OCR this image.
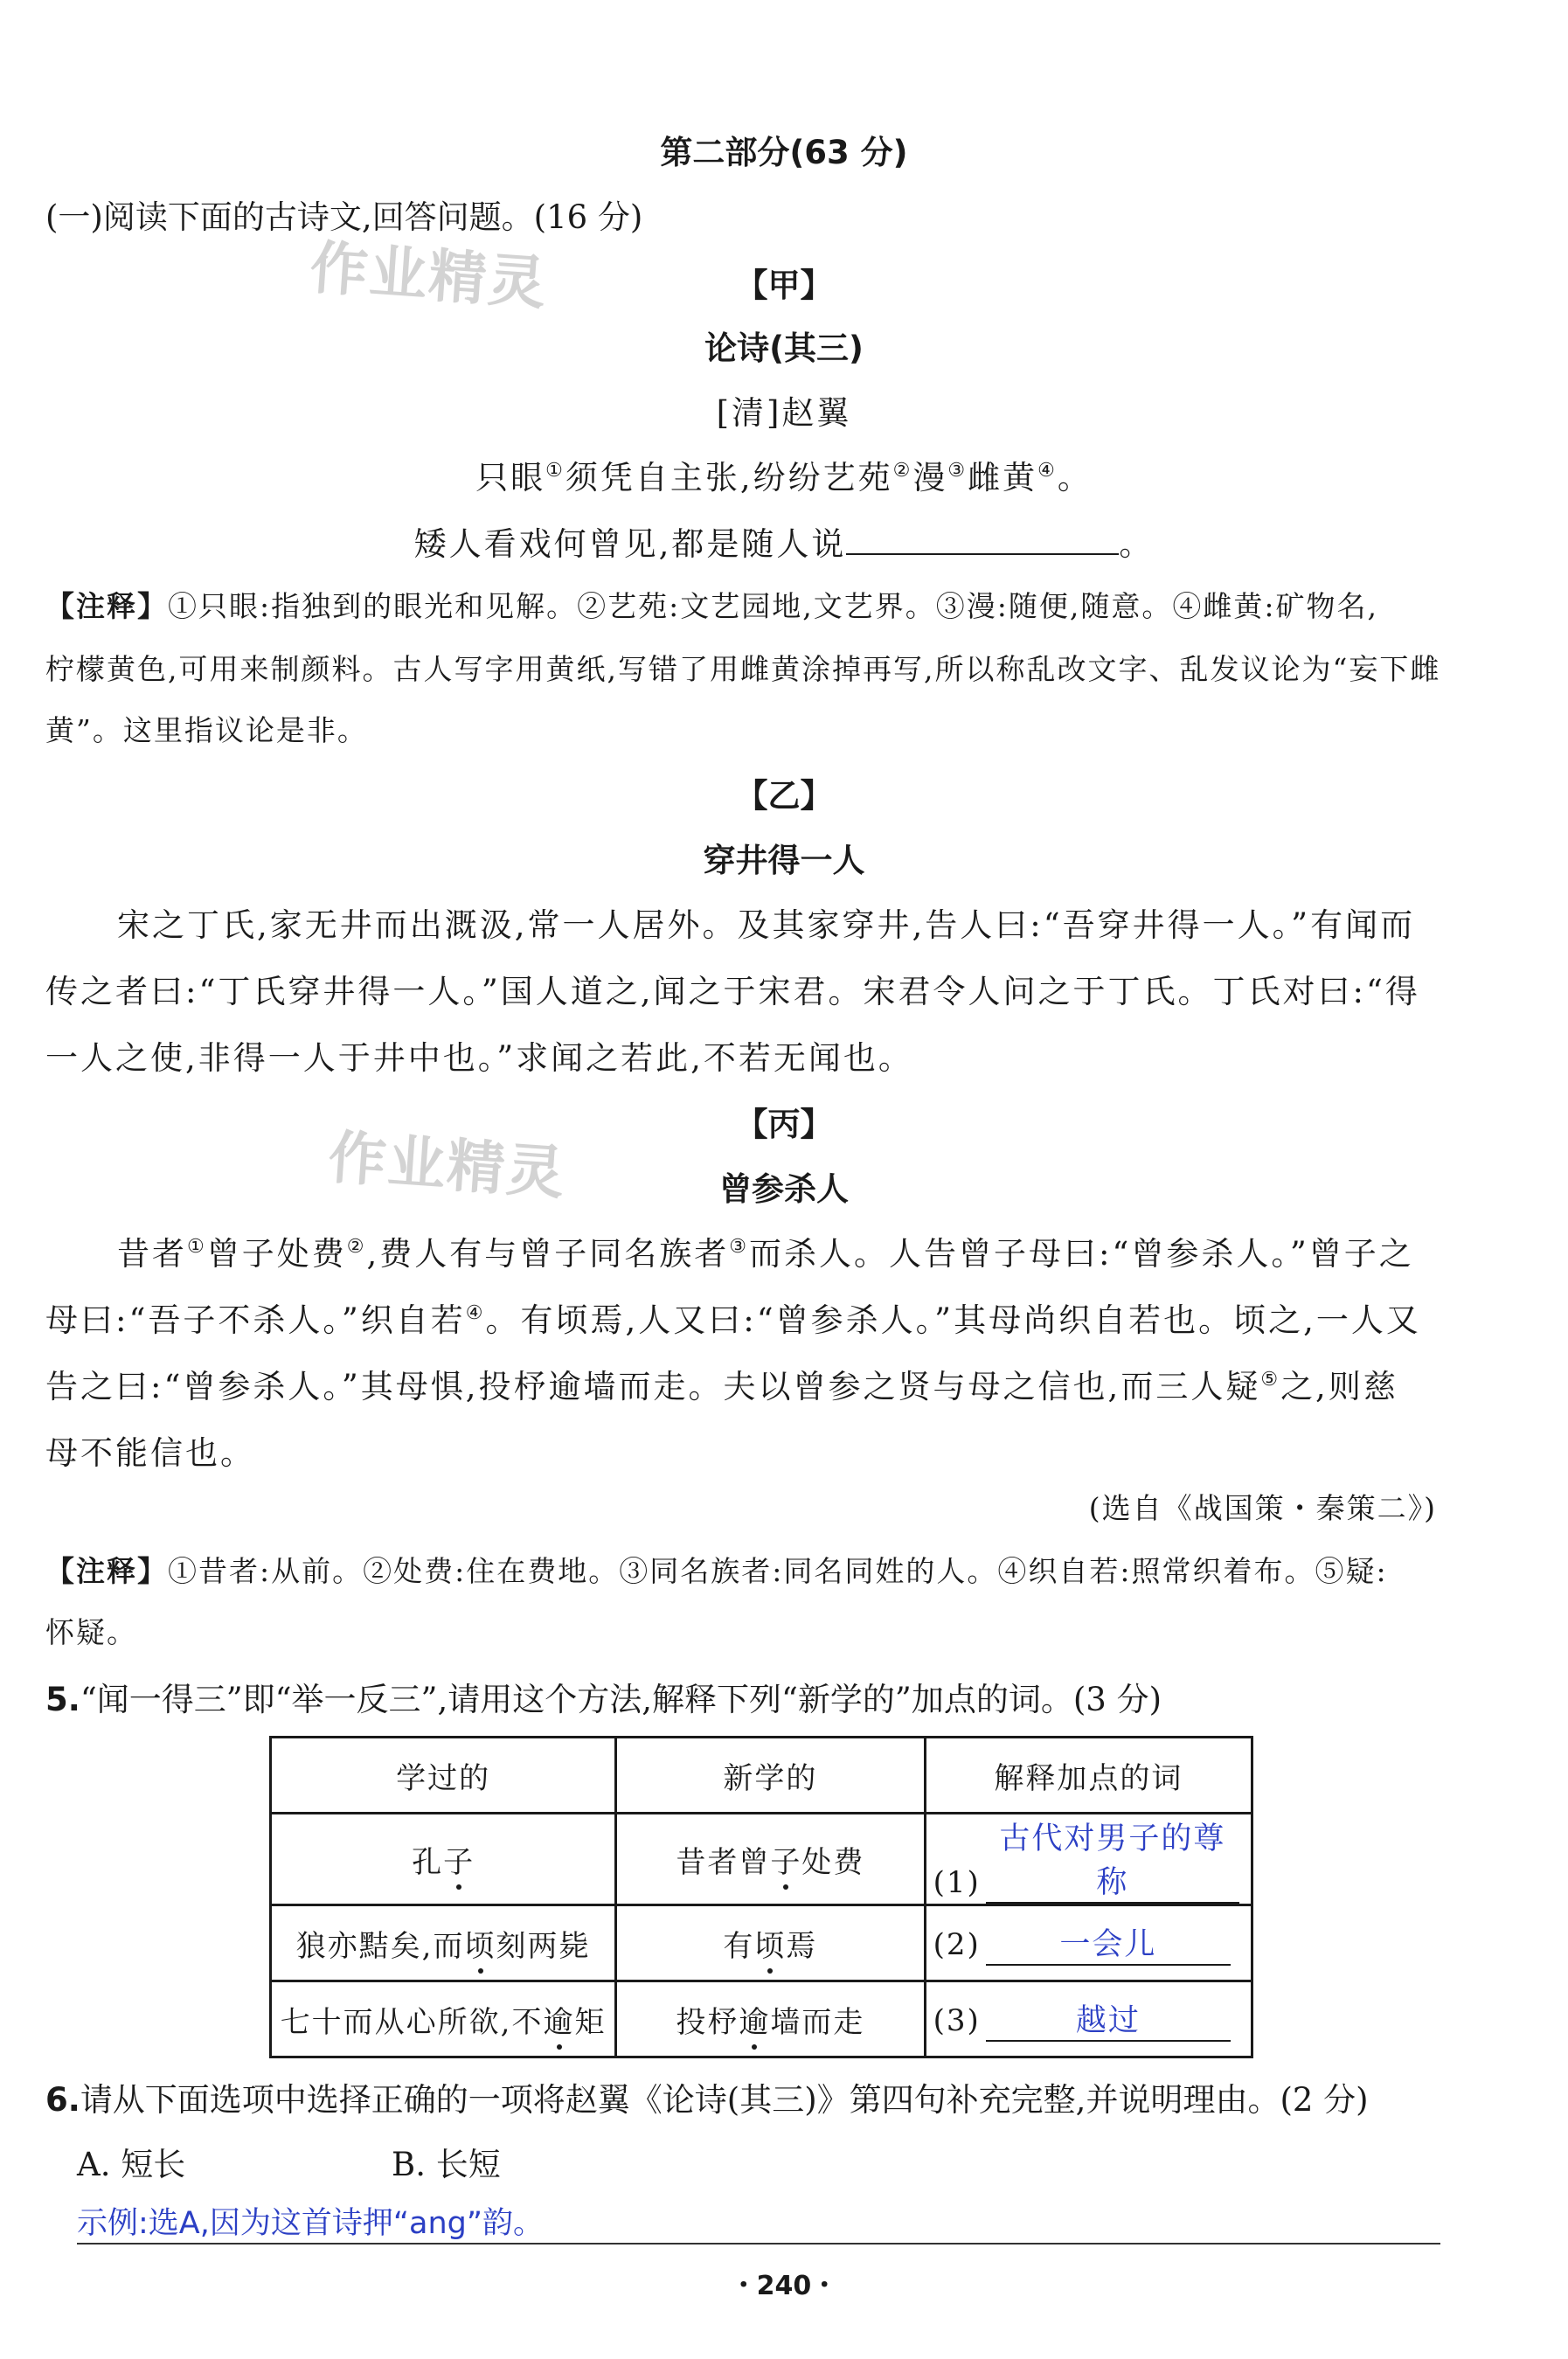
作业精灵
作业精灵
第二部分(63 分)
(一)阅读下面的古诗文,回答问题。(16 分)
【甲】
论诗(其三)
[清]赵翼
只眼①须凭自主张,纷纷艺苑②漫③雌黄④。
矮人看戏何曾见,都是随人说	。
【注释】①只眼:指独到的眼光和见解。②艺苑:文艺园地,文艺界。③漫:随便,随意。④雌黄:矿物名,
柠檬黄色,可用来制颜料。古人写字用黄纸,写错了用雌黄涂掉再写,所以称乱改文字、乱发议论为“妄下雌
黄”。这里指议论是非。
【乙】
穿井得一人
宋之丁氏,家无井而出溉汲,常一人居外。及其家穿井,告人曰:“吾穿井得一人。”有闻而
传之者曰:“丁氏穿井得一人。”国人道之,闻之于宋君。宋君令人问之于丁氏。丁氏对曰:“得
一人之使,非得一人于井中也。”求闻之若此,不若无闻也。
【丙】
曾参杀人
昔者①曾子处费②,费人有与曾子同名族者③而杀人。人告曾子母曰:“曾参杀人。”曾子之
母曰:“吾子不杀人。”织自若④。有顷焉,人又曰:“曾参杀人。”其母尚织自若也。顷之,一人又
告之曰:“曾参杀人。”其母惧,投杼逾墙而走。夫以曾参之贤与母之信也,而三人疑⑤之,则慈
母不能信也。
(选自《战国策・秦策二》)
【注释】①昔者:从前。②处费:住在费地。③同名族者:同名同姓的人。④织自若:照常织着布。⑤疑:
怀疑。
5.“闻一得三”即“举一反三”,请用这个方法,解释下列“新学的”加点的词。(3 分)
学过的	新学的	解释加点的词
孔子	昔者曾子处费	(1)古代对男子的尊称
狼亦黠矣,而顷刻两毙	有顷焉	(2) 一会儿
七十而从心所欲,不逾矩	投杼逾墙而走	(3) 越过
6.请从下面选项中选择正确的一项将赵翼《论诗(其三)》第四句补充完整,并说明理由。(2 分)
A. 短长	B. 长短
示例:选A,因为这首诗押“ang”韵。
・240・
